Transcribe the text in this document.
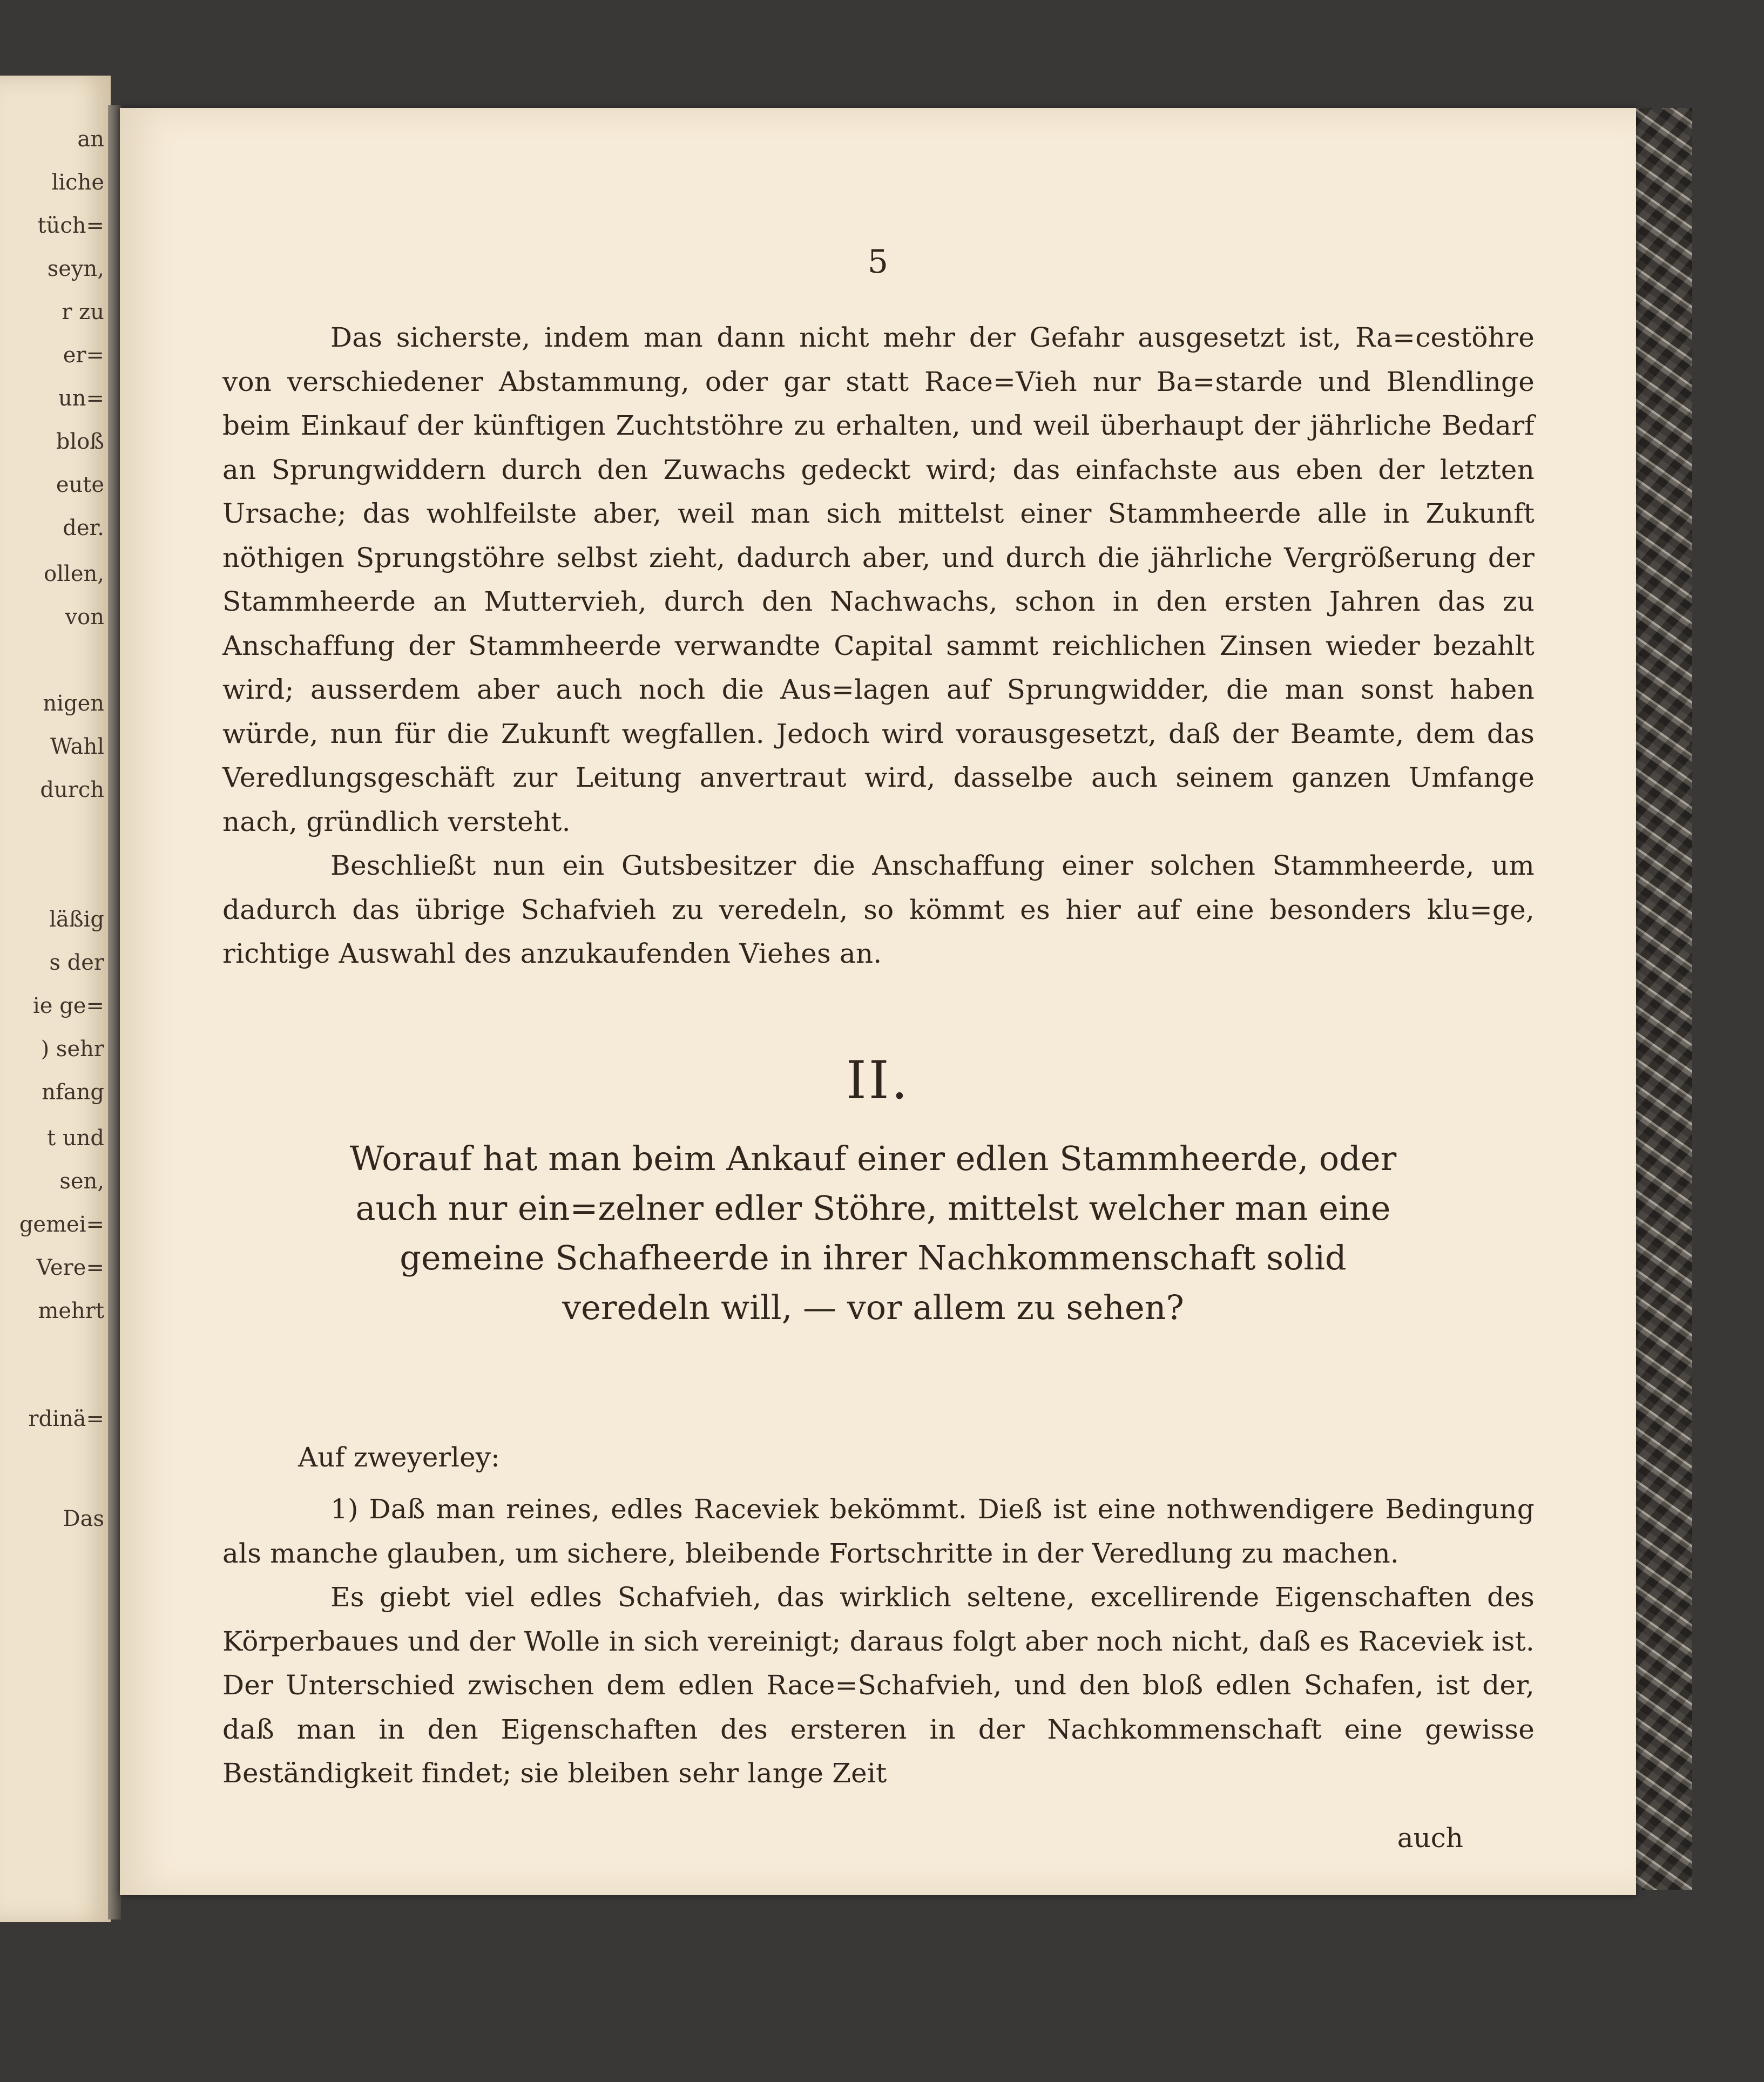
an
liche
tüch=
seyn,
r zu
er=
un=
bloß
eute
der.
ollen,
von
nigen
Wahl
durch
läßig
s der
ie ge=
) sehr
nfang
t und
sen,
gemei=
Vere=
mehrt
rdinä=
Das
5

Das sicherste, indem man dann nicht mehr der Gefahr ausgesetzt ist, Ra=cestöhre von verschiedener Abstammung, oder gar statt Race=Vieh nur Ba=starde und Blendlinge beim Einkauf der künftigen Zuchtstöhre zu erhalten, und weil überhaupt der jährliche Bedarf an Sprungwiddern durch den Zuwachs gedeckt wird; das einfachste aus eben der letzten Ursache; das wohlfeilste aber, weil man sich mittelst einer Stammheerde alle in Zukunft nöthigen Sprungstöhre selbst zieht, dadurch aber, und durch die jährliche Vergrößerung der Stammheerde an Muttervieh, durch den Nachwachs, schon in den ersten Jahren das zu Anschaffung der Stammheerde verwandte Capital sammt reichlichen Zinsen wieder bezahlt wird; ausserdem aber auch noch die Aus=lagen auf Sprungwidder, die man sonst haben würde, nun für die Zukunft wegfallen. Jedoch wird vorausgesetzt, daß der Beamte, dem das Veredlungsgeschäft zur Leitung anvertraut wird, dasselbe auch seinem ganzen Umfange nach, gründlich versteht.

Beschließt nun ein Gutsbesitzer die Anschaffung einer solchen Stammheerde, um dadurch das übrige Schafvieh zu veredeln, so kömmt es hier auf eine besonders klu=ge, richtige Auswahl des anzukaufenden Viehes an.

II.

Worauf hat man beim Ankauf einer edlen Stammheerde, oder auch nur ein=zelner edler Stöhre, mittelst welcher man eine gemeine Schafheerde in ihrer Nachkommenschaft solid veredeln will, — vor allem zu sehen?

Auf zweyerley:

1) Daß man reines, edles Raceviek bekömmt. Dieß ist eine nothwendigere Bedingung als manche glauben, um sichere, bleibende Fortschritte in der Veredlung zu machen.

Es giebt viel edles Schafvieh, das wirklich seltene, excellirende Eigenschaften des Körperbaues und der Wolle in sich vereinigt; daraus folgt aber noch nicht, daß es Raceviek ist. Der Unterschied zwischen dem edlen Race=Schafvieh, und den bloß edlen Schafen, ist der, daß man in den Eigenschaften des ersteren in der Nachkommenschaft eine gewisse Beständigkeit findet; sie bleiben sehr lange Zeit

auch
